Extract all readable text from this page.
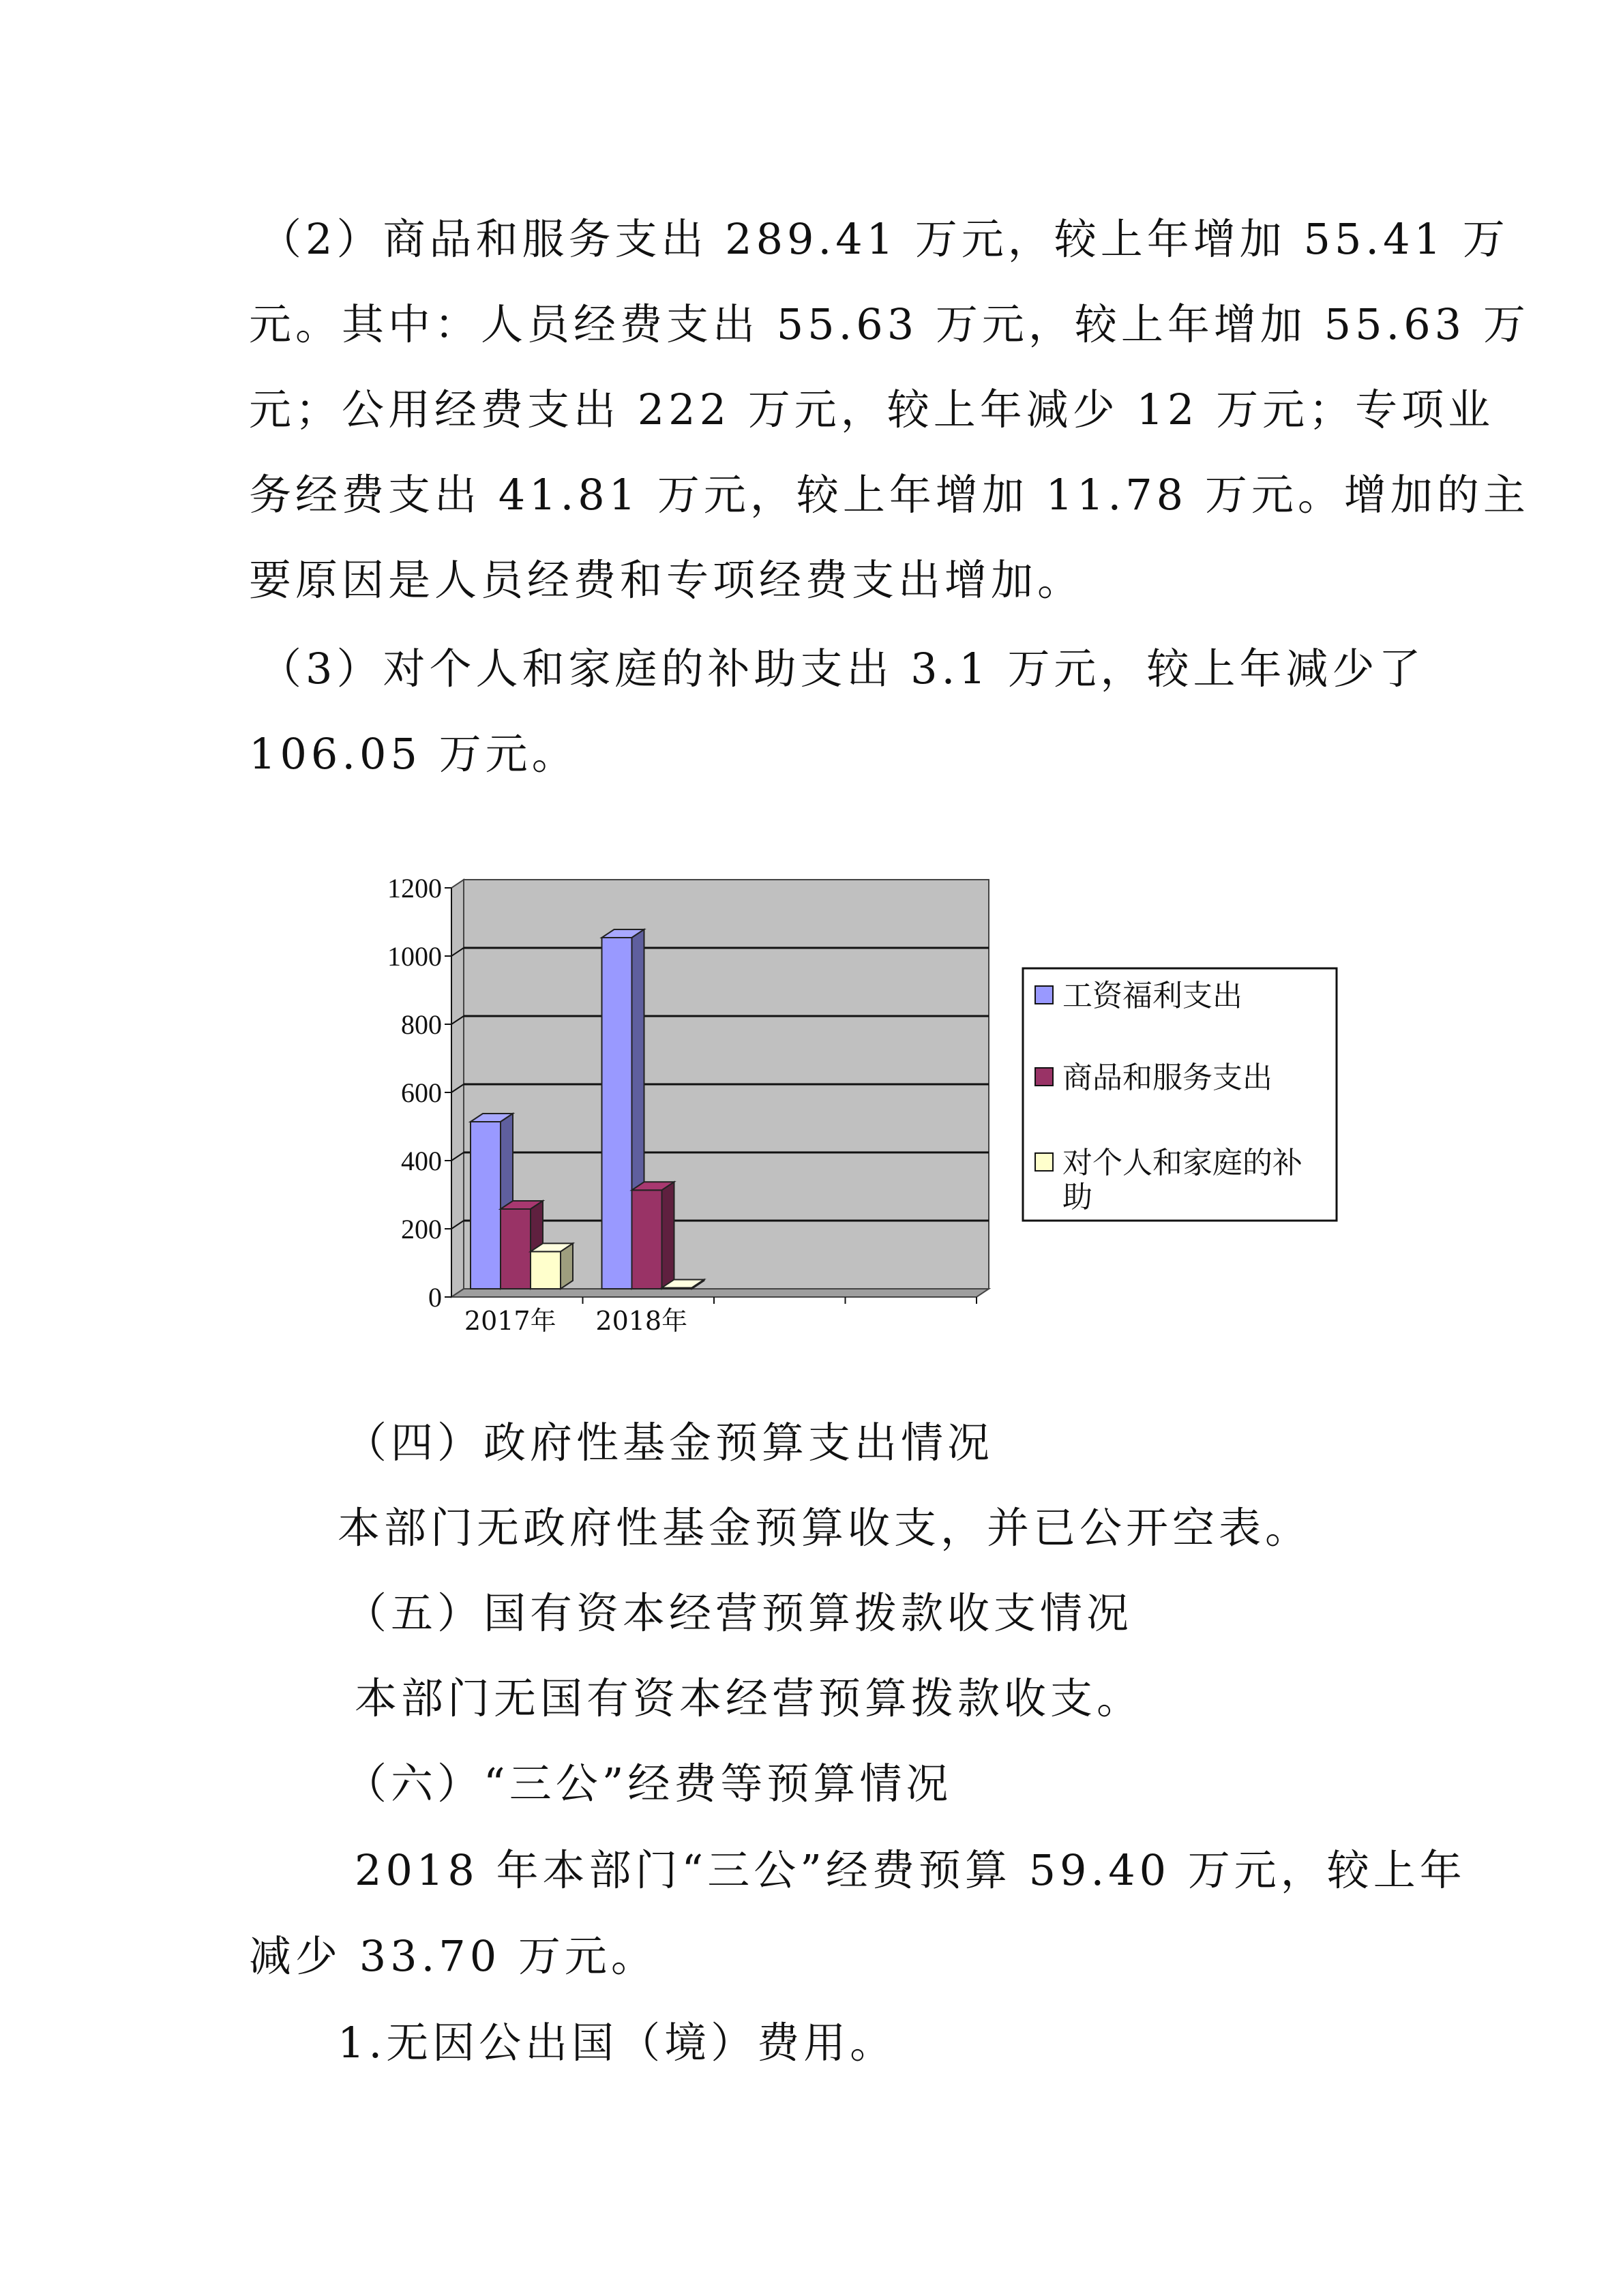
（2）商品和服务支出 289.41 万元，较上年增加 55.41 万
元。其中：人员经费支出 55.63 万元，较上年增加 55.63 万
元；公用经费支出 222 万元，较上年减少 12 万元；专项业
务经费支出 41.81 万元，较上年增加 11.78 万元。增加的主
要原因是人员经费和专项经费支出增加。
（3）对个人和家庭的补助支出 3.1 万元，较上年减少了
106.05 万元。
0
200
400
600
800
1000
1200
2017年 2018年
工资福利支出
商品和服务支出
对个人和家庭的补
助
（四）政府性基金预算支出情况
本部门无政府性基金预算收支，并已公开空表。
（五）国有资本经营预算拨款收支情况
本部门无国有资本经营预算拨款收支。
（六）“三公”经费等预算情况
2018 年本部门“三公”经费预算 59.40 万元，较上年
减少 33.70 万元。
1.无因公出国（境）费用。
